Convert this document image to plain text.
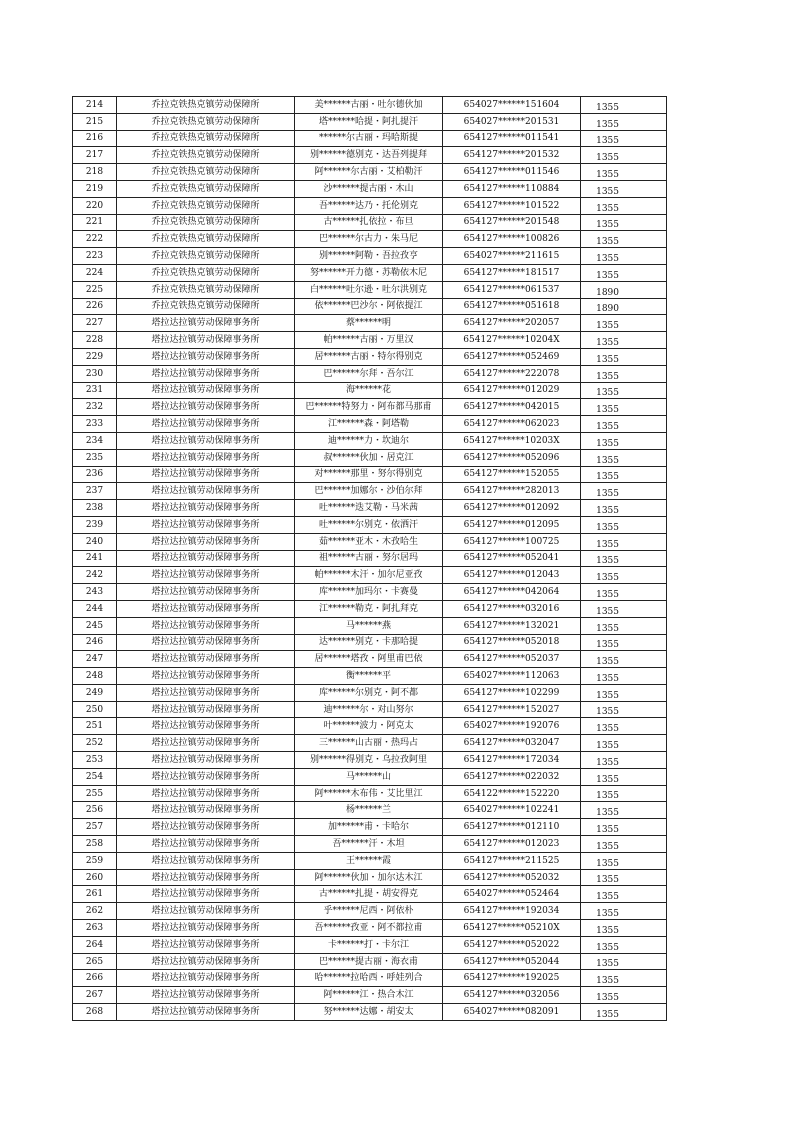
214	乔拉克铁热克镇劳动保障所	美******古丽・吐尔德伙加	654027******151604	1355
215	乔拉克铁热克镇劳动保障所	塔******哈提・阿扎提汗	654027******201531	1355
216	乔拉克铁热克镇劳动保障所	******尔古丽・玛哈斯提	654127******011541	1355
217	乔拉克铁热克镇劳动保障所	别******德别克・达吾列提拜	654127******201532	1355
218	乔拉克铁热克镇劳动保障所	阿******尔古丽・艾柏勒汗	654127******011546	1355
219	乔拉克铁热克镇劳动保障所	沙******提古丽・木山	654127******110884	1355
220	乔拉克铁热克镇劳动保障所	吾******达乃・托伦别克	654127******101522	1355
221	乔拉克铁热克镇劳动保障所	古******扎依拉・布旦	654127******201548	1355
222	乔拉克铁热克镇劳动保障所	巴******尔古力・朱马尼	654127******100826	1355
223	乔拉克铁热克镇劳动保障所	别******阿勒・吾拉孜亨	654027******211615	1355
224	乔拉克铁热克镇劳动保障所	努******开力德・苏勒依木尼	654127******181517	1355
225	乔拉克铁热克镇劳动保障所	白******吐尔逊・吐尔洪别克	654127******061537	1890
226	乔拉克铁热克镇劳动保障所	依******巴沙尔・阿依提江	654127******051618	1890
227	塔拉达拉镇劳动保障事务所	蔡******明	654127******202057	1355
228	塔拉达拉镇劳动保障事务所	帕******古丽・万里汉	654127******10204X	1355
229	塔拉达拉镇劳动保障事务所	居******古丽・特尔得别克	654127******052469	1355
230	塔拉达拉镇劳动保障事务所	巴******尔拜・吾尔江	654127******222078	1355
231	塔拉达拉镇劳动保障事务所	海******花	654127******012029	1355
232	塔拉达拉镇劳动保障事务所	巴******特努力・阿布都马那甫	654127******042015	1355
233	塔拉达拉镇劳动保障事务所	江******森・阿塔勒	654127******062023	1355
234	塔拉达拉镇劳动保障事务所	迪******力・坎迪尔	654127******10203X	1355
235	塔拉达拉镇劳动保障事务所	叔******伙加・居克江	654127******052096	1355
236	塔拉达拉镇劳动保障事务所	对******那里・努尔得别克	654127******152055	1355
237	塔拉达拉镇劳动保障事务所	巴******加娜尔・沙伯尔拜	654127******282013	1355
238	塔拉达拉镇劳动保障事务所	吐******迭艾勒・马米茜	654127******012092	1355
239	塔拉达拉镇劳动保障事务所	吐******尔别克・依洒汗	654127******012095	1355
240	塔拉达拉镇劳动保障事务所	茹******亚木・木孜哈生	654127******100725	1355
241	塔拉达拉镇劳动保障事务所	祖******古丽・努尔居玛	654127******052041	1355
242	塔拉达拉镇劳动保障事务所	帕******木汗・加尔尼亚孜	654127******012043	1355
243	塔拉达拉镇劳动保障事务所	库******加玛尔・卡赛曼	654127******042064	1355
244	塔拉达拉镇劳动保障事务所	江******勒克・阿扎拜克	654127******032016	1355
245	塔拉达拉镇劳动保障事务所	马******燕	654127******132021	1355
246	塔拉达拉镇劳动保障事务所	达******别克・卡那哈提	654127******052018	1355
247	塔拉达拉镇劳动保障事务所	居******塔孜・阿里甫巴依	654127******052037	1355
248	塔拉达拉镇劳动保障事务所	衡******平	654027******112063	1355
249	塔拉达拉镇劳动保障事务所	库******尔别克・阿不都	654127******102299	1355
250	塔拉达拉镇劳动保障事务所	迪******尔・对山努尔	654127******152027	1355
251	塔拉达拉镇劳动保障事务所	叶******波力・阿克太	654027******192076	1355
252	塔拉达拉镇劳动保障事务所	三******山古丽・热玛占	654127******032047	1355
253	塔拉达拉镇劳动保障事务所	别******得别克・乌拉孜阿里	654127******172034	1355
254	塔拉达拉镇劳动保障事务所	马******山	654127******022032	1355
255	塔拉达拉镇劳动保障事务所	阿******木布伟・艾比里江	654122******152220	1355
256	塔拉达拉镇劳动保障事务所	杨******兰	654027******102241	1355
257	塔拉达拉镇劳动保障事务所	加******甫・卡哈尔	654127******012110	1355
258	塔拉达拉镇劳动保障事务所	吾******汗・木坦	654127******012023	1355
259	塔拉达拉镇劳动保障事务所	王******霞	654127******211525	1355
260	塔拉达拉镇劳动保障事务所	阿******伙加・加尔达木江	654127******052032	1355
261	塔拉达拉镇劳动保障事务所	古******扎提・胡安得克	654027******052464	1355
262	塔拉达拉镇劳动保障事务所	乎******尼西・阿依朴	654127******192034	1355
263	塔拉达拉镇劳动保障事务所	吾******孜亚・阿不都拉甫	654127******05210X	1355
264	塔拉达拉镇劳动保障事务所	卡******打・卡尔江	654127******052022	1355
265	塔拉达拉镇劳动保障事务所	巴******提古丽・海衣甫	654127******052044	1355
266	塔拉达拉镇劳动保障事务所	哈******拉哈西・呼娃列合	654127******192025	1355
267	塔拉达拉镇劳动保障事务所	阿******江・热合木江	654127******032056	1355
268	塔拉达拉镇劳动保障事务所	努******达娜・胡安太	654027******082091	1355
